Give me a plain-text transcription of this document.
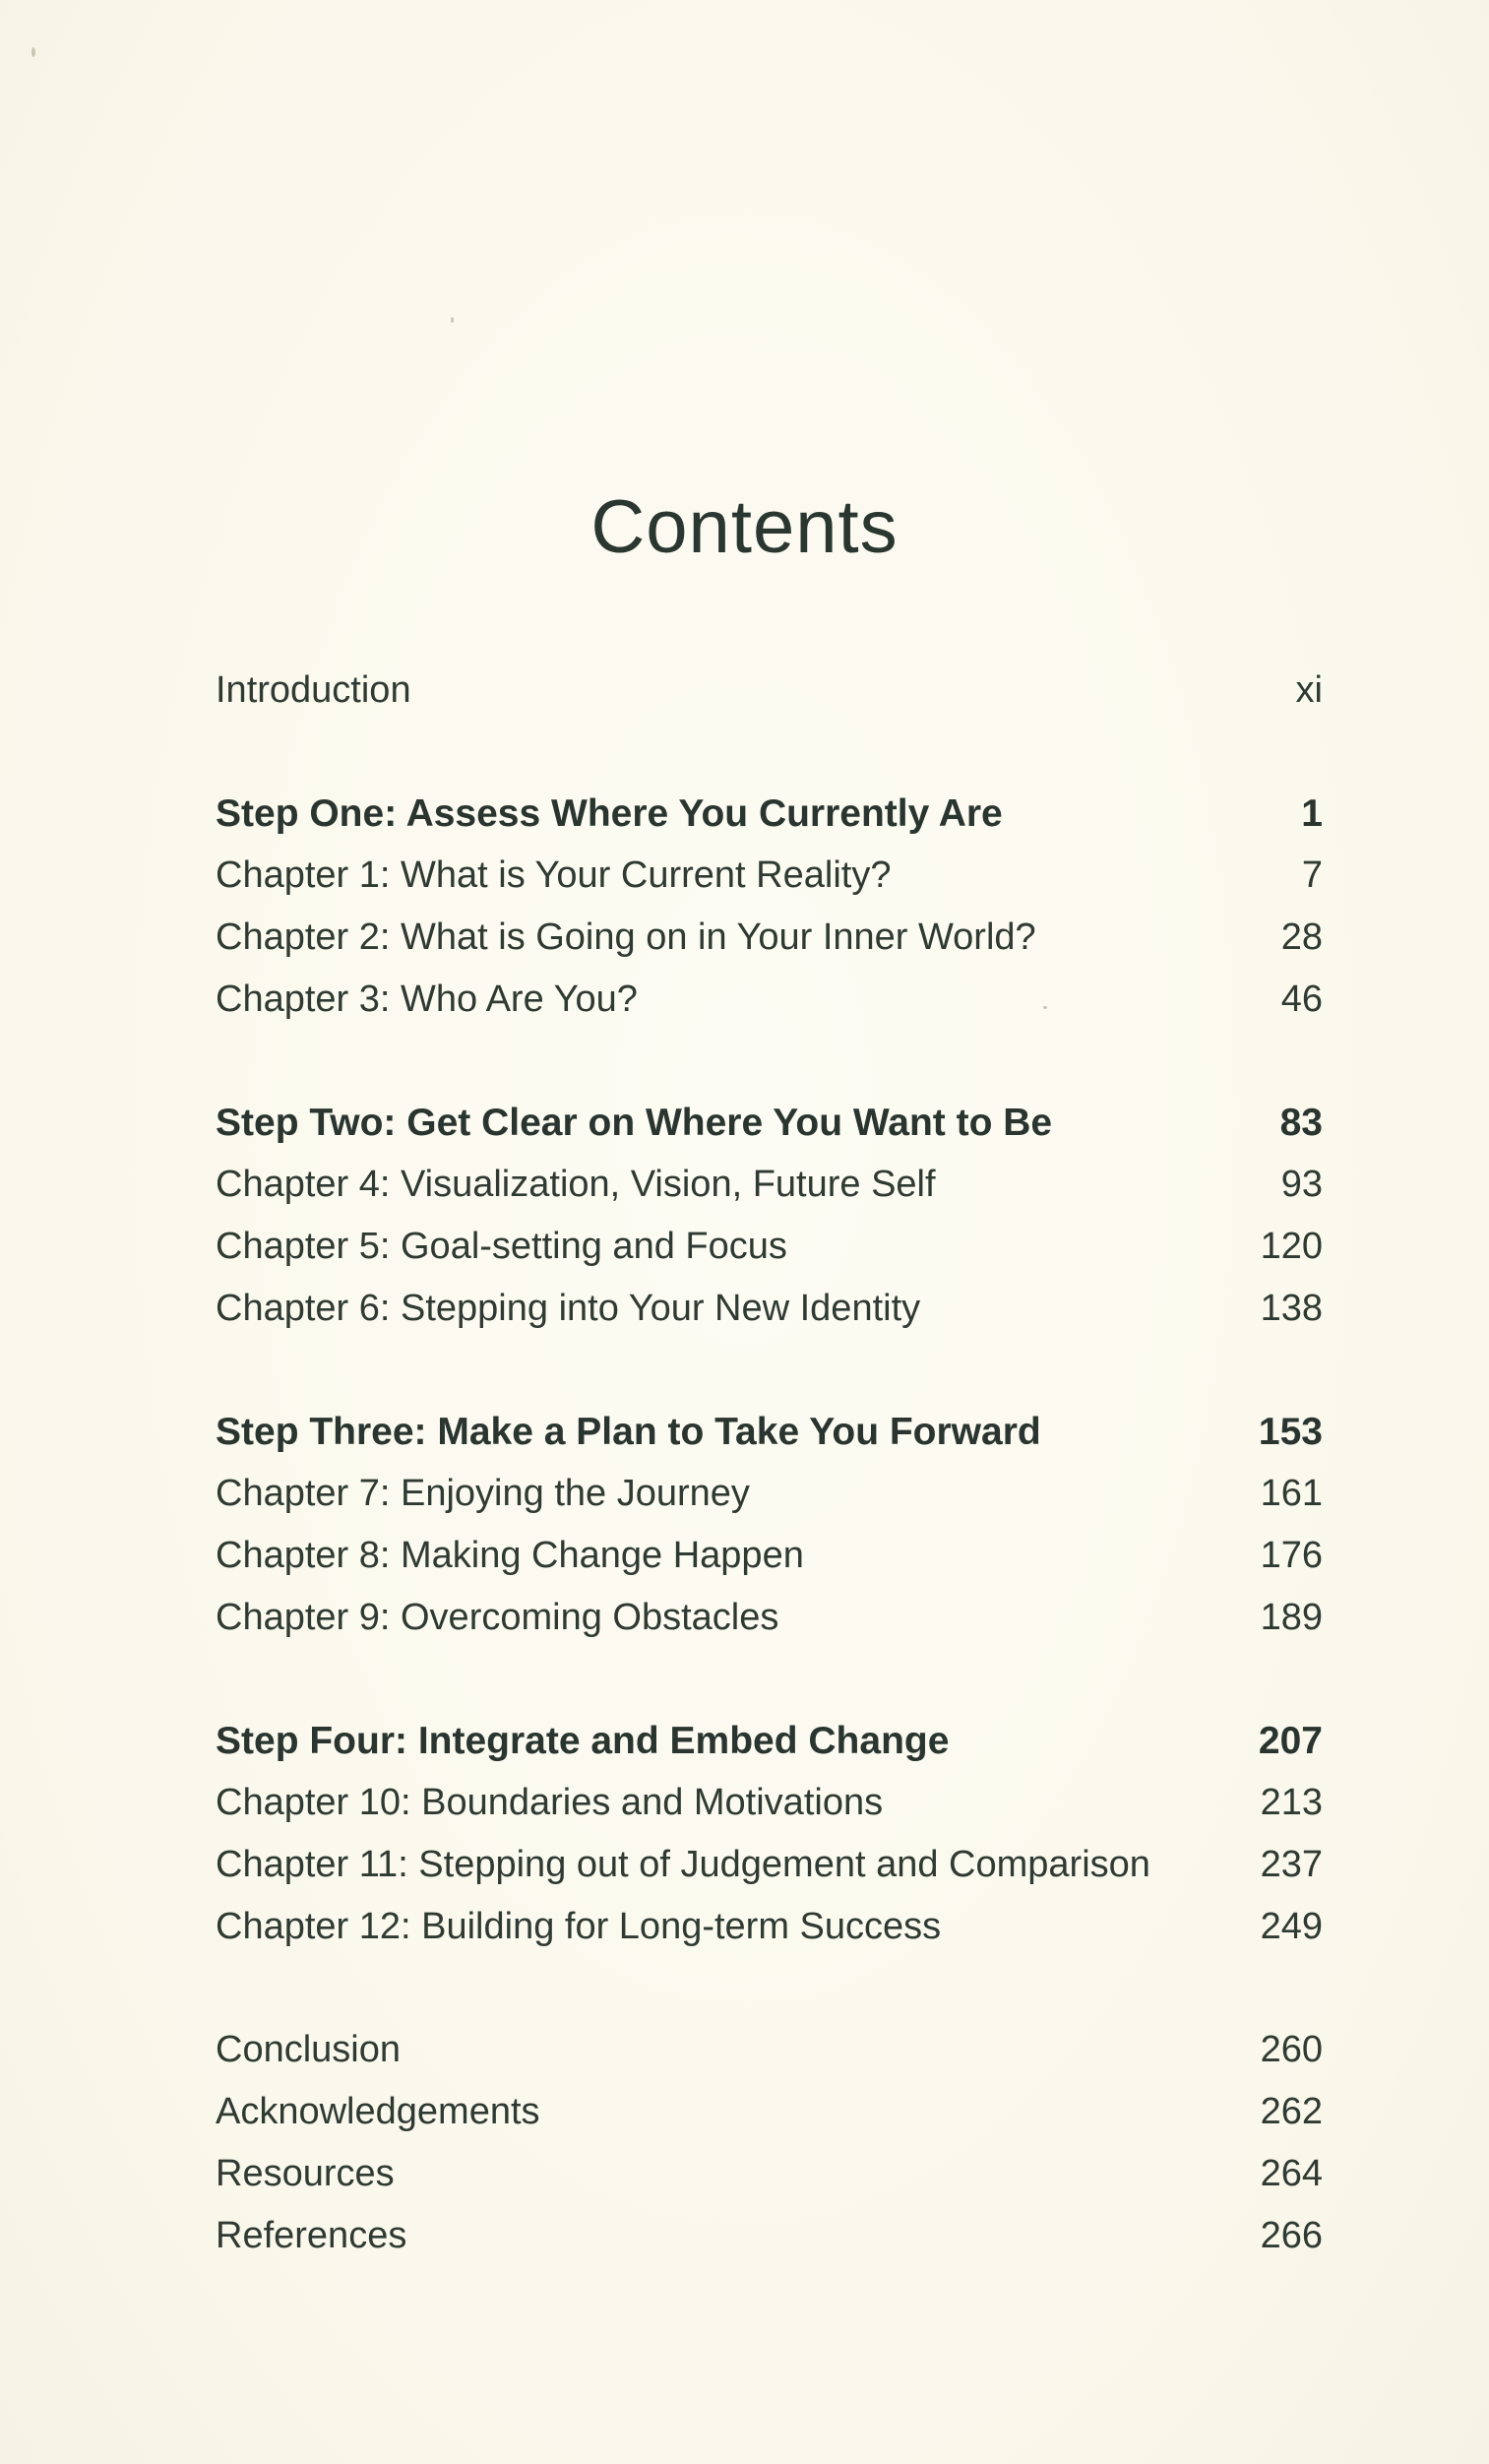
Contents
Introduction	xi
Step One: Assess Where You Currently Are	1
Chapter 1: What is Your Current Reality?	7
Chapter 2: What is Going on in Your Inner World?	28
Chapter 3: Who Are You?	46
Step Two: Get Clear on Where You Want to Be	83
Chapter 4: Visualization, Vision, Future Self	93
Chapter 5: Goal-setting and Focus	120
Chapter 6: Stepping into Your New Identity	138
Step Three: Make a Plan to Take You Forward	153
Chapter 7: Enjoying the Journey	161
Chapter 8: Making Change Happen	176
Chapter 9: Overcoming Obstacles	189
Step Four: Integrate and Embed Change	207
Chapter 10: Boundaries and Motivations	213
Chapter 11: Stepping out of Judgement and Comparison	237
Chapter 12: Building for Long-term Success	249
Conclusion	260
Acknowledgements	262
Resources	264
References	266
